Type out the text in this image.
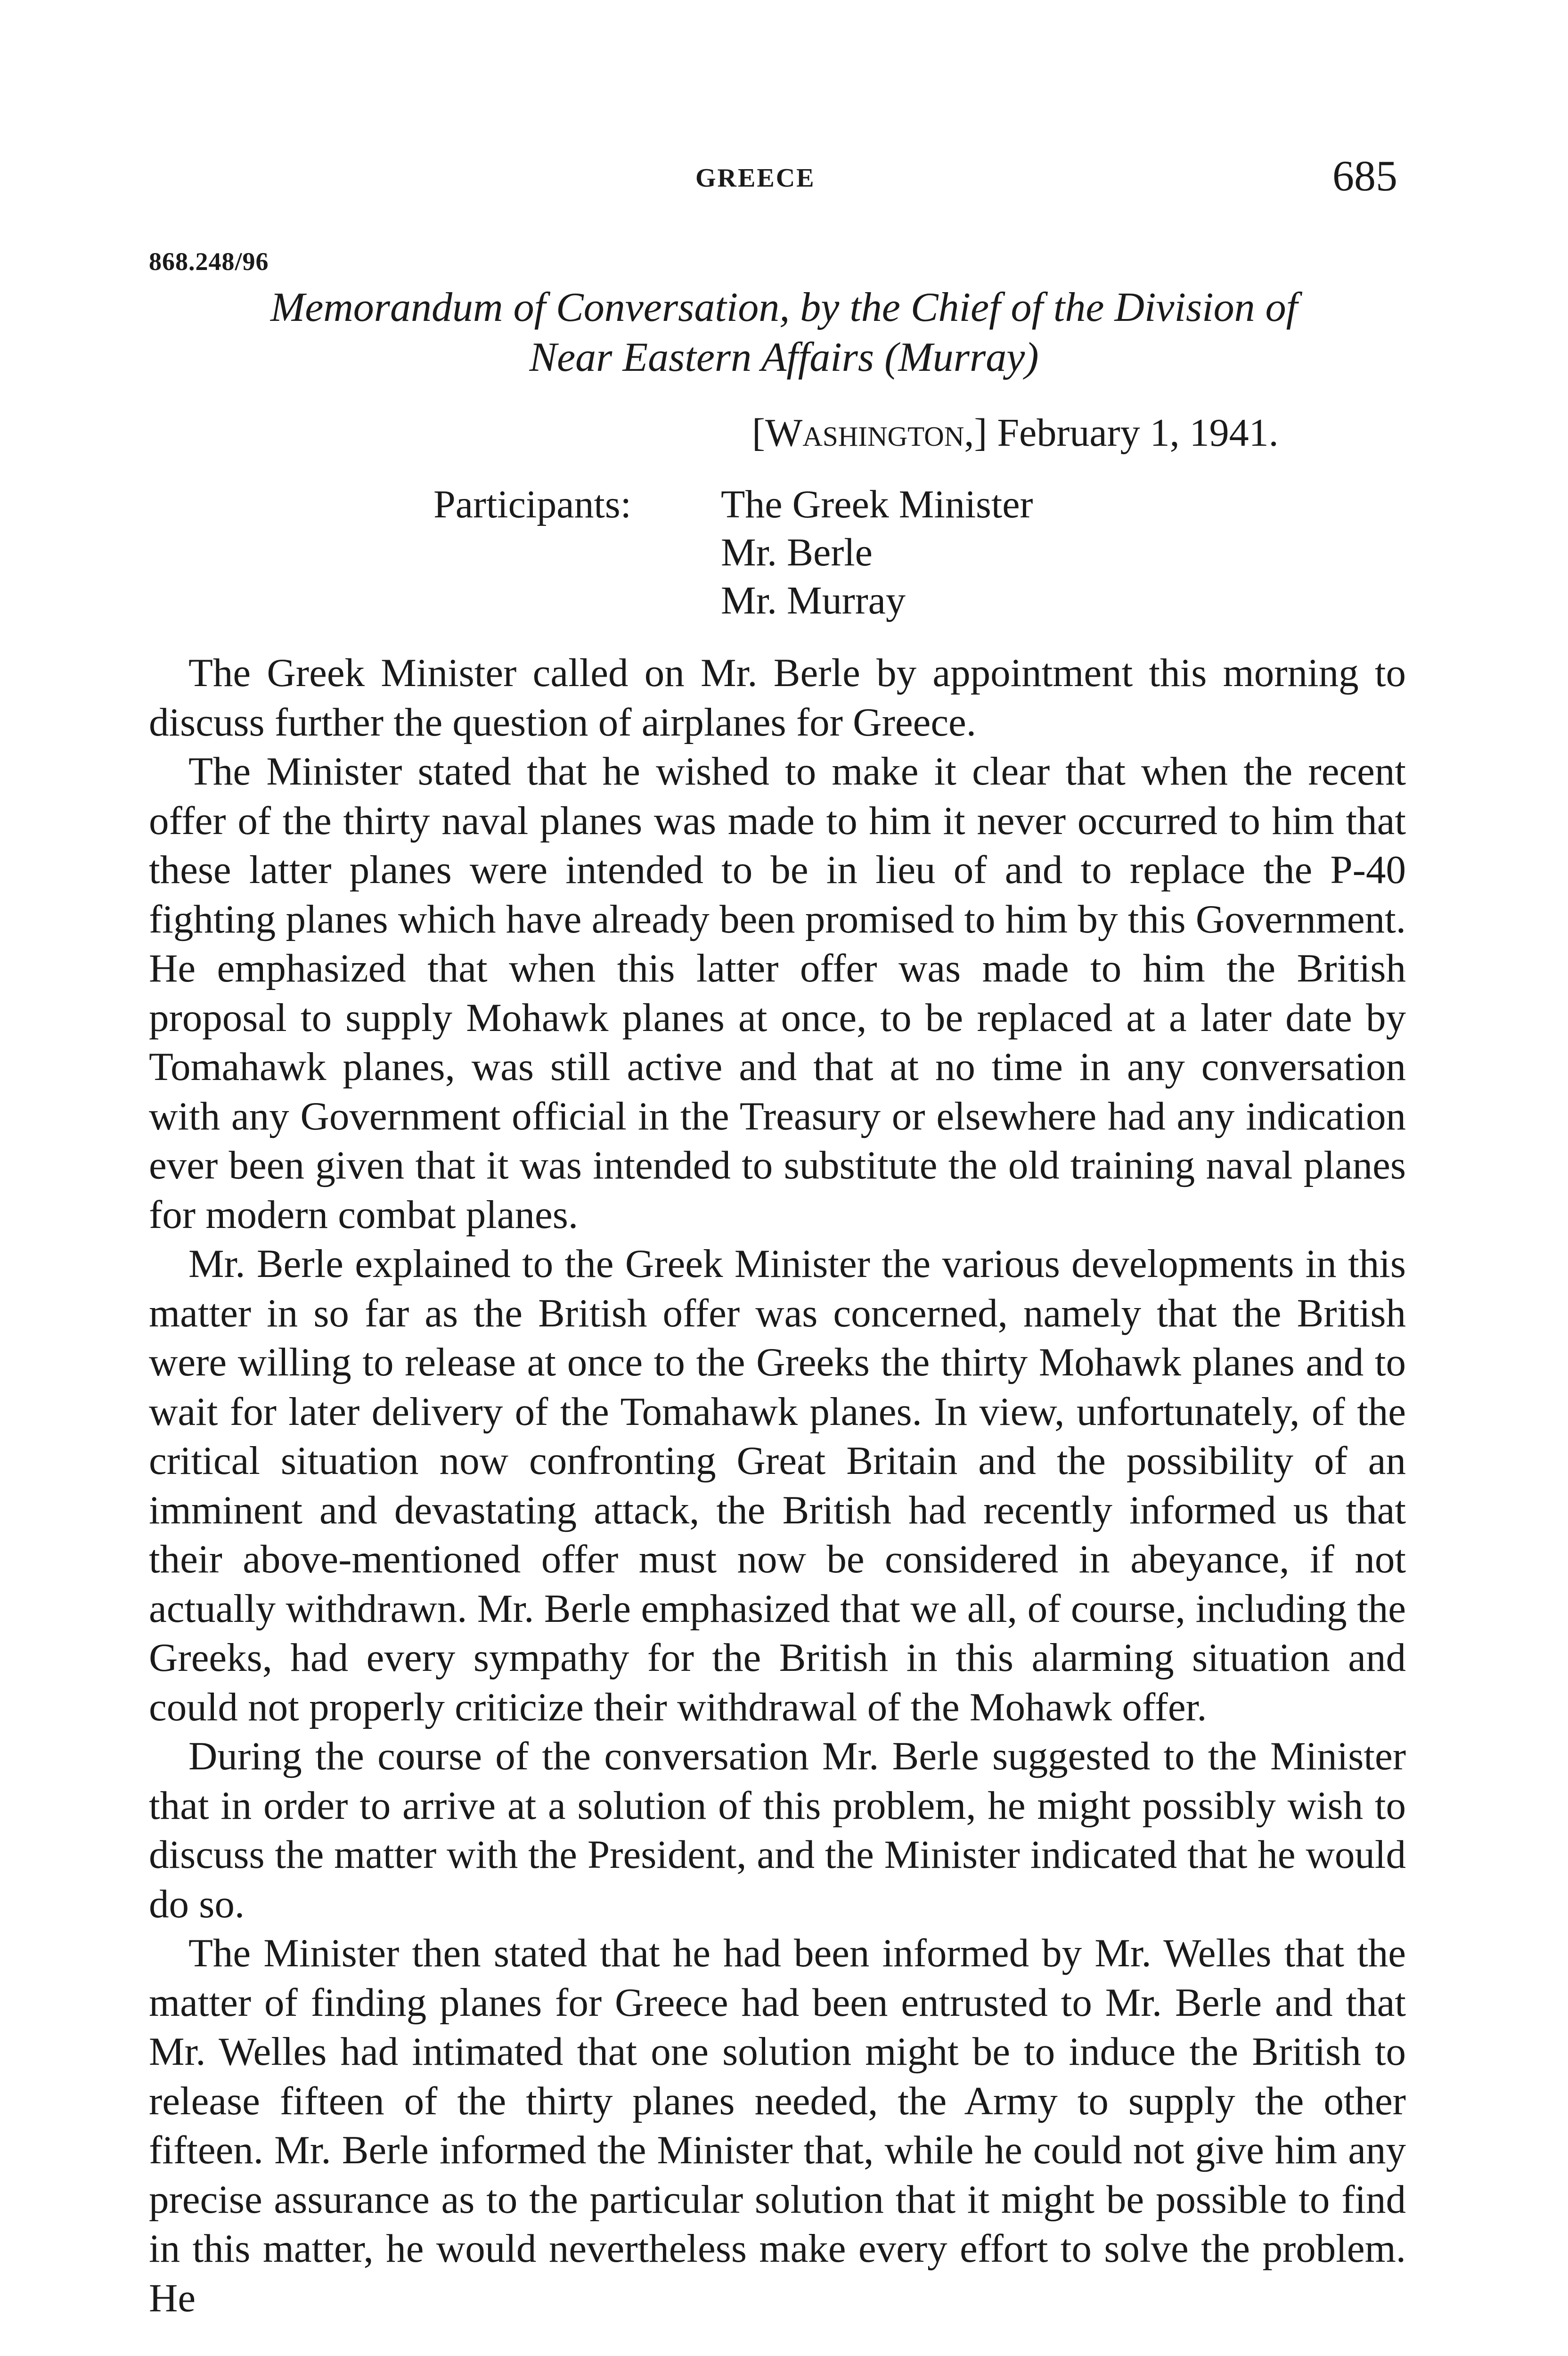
GREECE	685
868.248/96
Memorandum of Conversation, by the Chief of the Division of
Near Eastern Affairs (Murray)
[Washington,] February 1, 1941.
Participants: The Greek Minister
Mr. Berle
Mr. Murray

The Greek Minister called on Mr. Berle by appointment this morning to discuss further the question of airplanes for Greece.

The Minister stated that he wished to make it clear that when the recent offer of the thirty naval planes was made to him it never occurred to him that these latter planes were intended to be in lieu of and to replace the P-40 fighting planes which have already been promised to him by this Government. He emphasized that when this latter offer was made to him the British proposal to supply Mohawk planes at once, to be replaced at a later date by Tomahawk planes, was still active and that at no time in any conversation with any Government official in the Treasury or elsewhere had any indication ever been given that it was intended to substitute the old training naval planes for modern combat planes.

Mr. Berle explained to the Greek Minister the various developments in this matter in so far as the British offer was concerned, namely that the British were willing to release at once to the Greeks the thirty Mohawk planes and to wait for later delivery of the Tomahawk planes. In view, unfortunately, of the critical situation now confronting Great Britain and the possibility of an imminent and devastating attack, the British had recently informed us that their above-mentioned offer must now be considered in abeyance, if not actually withdrawn. Mr. Berle emphasized that we all, of course, including the Greeks, had every sympathy for the British in this alarming situation and could not properly criticize their withdrawal of the Mohawk offer.

During the course of the conversation Mr. Berle suggested to the Minister that in order to arrive at a solution of this problem, he might possibly wish to discuss the matter with the President, and the Minister indicated that he would do so.

The Minister then stated that he had been informed by Mr. Welles that the matter of finding planes for Greece had been entrusted to Mr. Berle and that Mr. Welles had intimated that one solution might be to induce the British to release fifteen of the thirty planes needed, the Army to supply the other fifteen. Mr. Berle informed the Minister that, while he could not give him any precise assurance as to the particular solution that it might be possible to find in this matter, he would nevertheless make every effort to solve the problem. He
